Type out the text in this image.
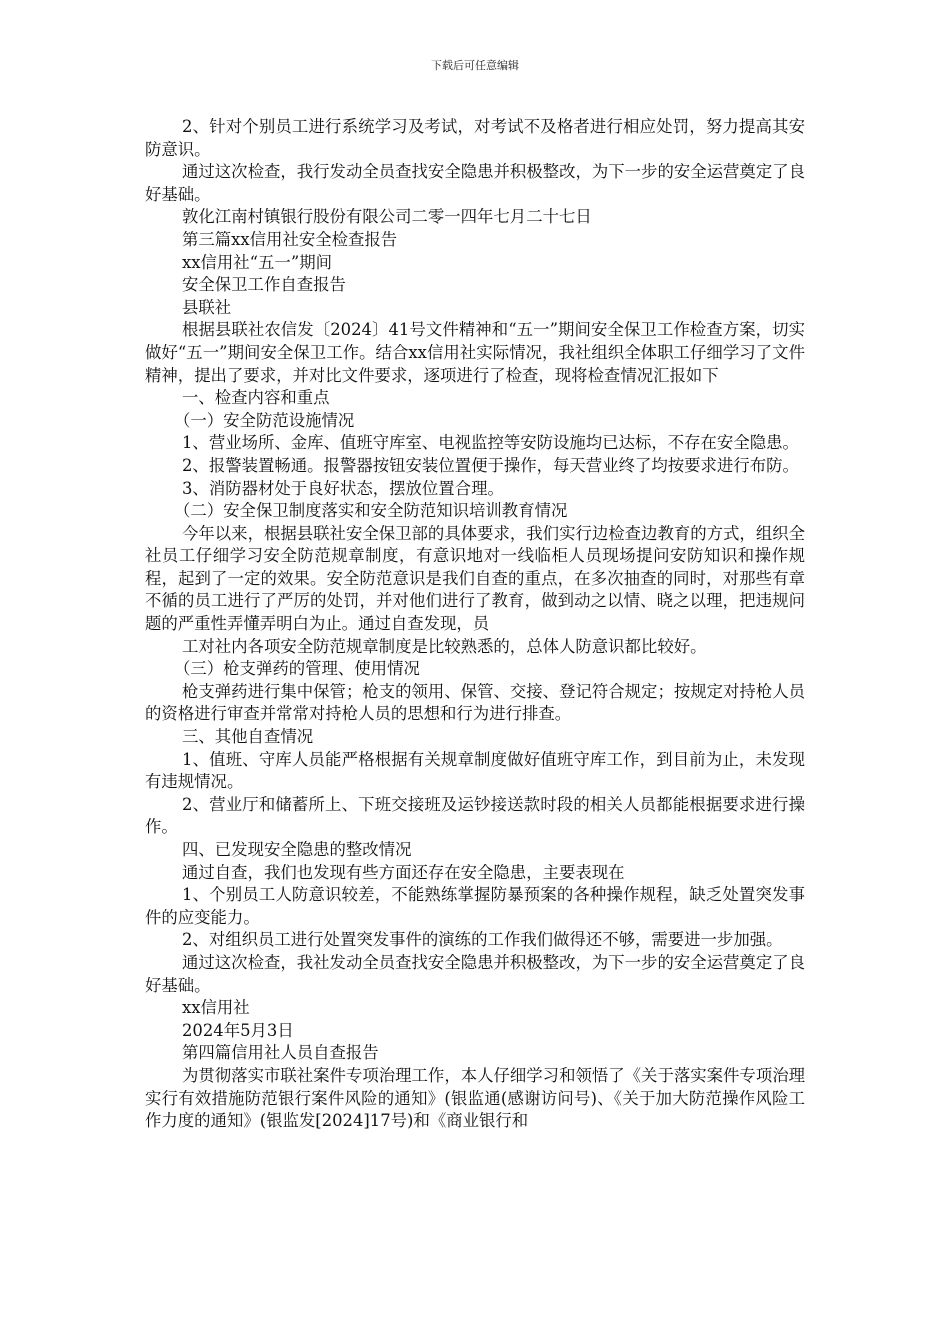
下载后可任意编辑

2、针对个别员工进行系统学习及考试，对考试不及格者进行相应处罚，努力提高其安防意识。

通过这次检查，我行发动全员查找安全隐患并积极整改，为下一步的安全运营奠定了良好基础。

敦化江南村镇银行股份有限公司二零一四年七月二十七日

第三篇xx信用社安全检查报告

xx信用社“五一”期间

安全保卫工作自查报告

县联社

根据县联社农信发〔2024〕41号文件精神和“五一”期间安全保卫工作检查方案，切实做好“五一”期间安全保卫工作。结合xx信用社实际情况，我社组织全体职工仔细学习了文件精神，提出了要求，并对比文件要求，逐项进行了检查，现将检查情况汇报如下

一、检查内容和重点

（一）安全防范设施情况

1、营业场所、金库、值班守库室、电视监控等安防设施均已达标，不存在安全隐患。

2、报警装置畅通。报警器按钮安装位置便于操作，每天营业终了均按要求进行布防。

3、消防器材处于良好状态，摆放位置合理。

（二）安全保卫制度落实和安全防范知识培训教育情况

今年以来，根据县联社安全保卫部的具体要求，我们实行边检查边教育的方式，组织全社员工仔细学习安全防范规章制度，有意识地对一线临柜人员现场提问安防知识和操作规程，起到了一定的效果。安全防范意识是我们自查的重点，在多次抽查的同时，对那些有章不循的员工进行了严厉的处罚，并对他们进行了教育，做到动之以情、晓之以理，把违规问题的严重性弄懂弄明白为止。通过自查发现，员

工对社内各项安全防范规章制度是比较熟悉的，总体人防意识都比较好。

（三）枪支弹药的管理、使用情况

枪支弹药进行集中保管；枪支的领用、保管、交接、登记符合规定；按规定对持枪人员的资格进行审查并常常对持枪人员的思想和行为进行排查。

三、其他自查情况

1、值班、守库人员能严格根据有关规章制度做好值班守库工作，到目前为止，未发现有违规情况。

2、营业厅和储蓄所上、下班交接班及运钞接送款时段的相关人员都能根据要求进行操作。

四、已发现安全隐患的整改情况

通过自查，我们也发现有些方面还存在安全隐患，主要表现在

1、个别员工人防意识较差，不能熟练掌握防暴预案的各种操作规程，缺乏处置突发事件的应变能力。

2、对组织员工进行处置突发事件的演练的工作我们做得还不够，需要进一步加强。

通过这次检查，我社发动全员查找安全隐患并积极整改，为下一步的安全运营奠定了良好基础。

xx信用社

2024年5月3日

第四篇信用社人员自查报告

为贯彻落实市联社案件专项治理工作，本人仔细学习和领悟了《关于落实案件专项治理实行有效措施防范银行案件风险的通知》(银监通(感谢访问号)、《关于加大防范操作风险工作力度的通知》(银监发[2024]17号)和《商业银行和
